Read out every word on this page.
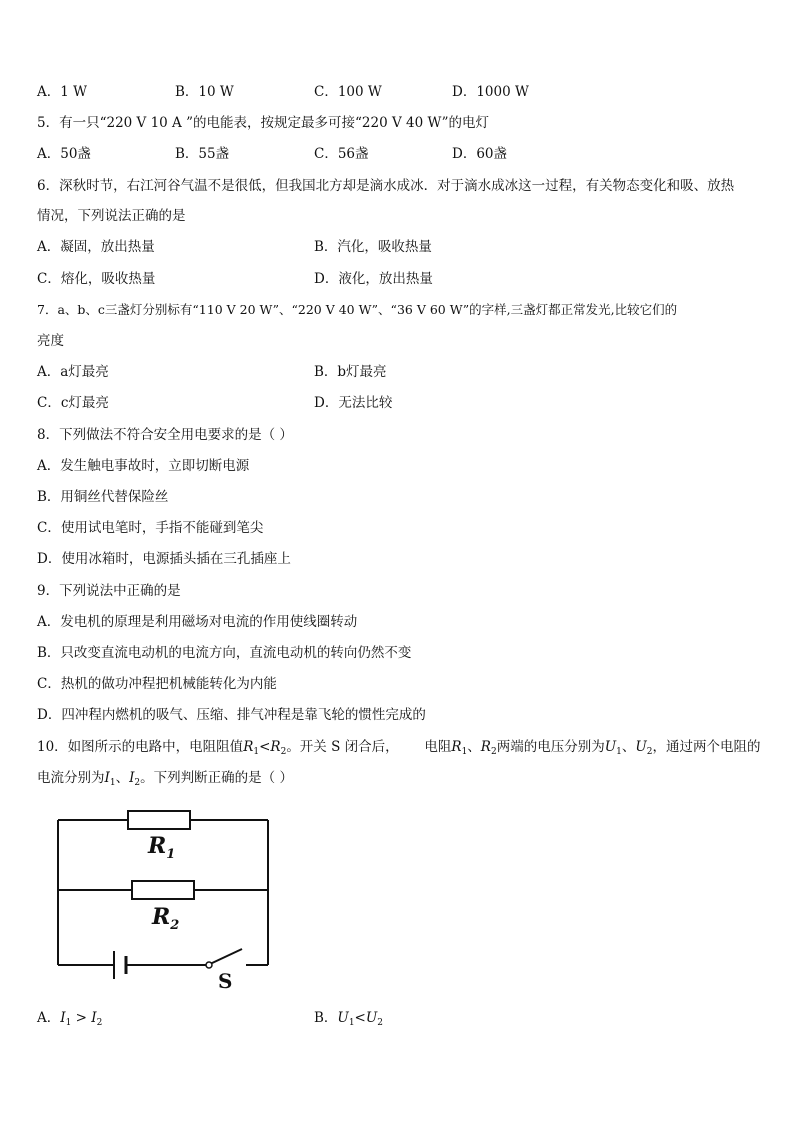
A．1 W	B．10 W	C．100 W	D．1000 W
5．有一只“220 V 10 A ”的电能表，按规定最多可接“220 V 40 W”的电灯
A．50盏	B．55盏	C．56盏	D．60盏
6．深秋时节，右江河谷气温不是很低，但我国北方却是滴水成冰．对于滴水成冰这一过程，有关物态变化和吸、放热
情况，下列说法正确的是
A．凝固，放出热量	B．汽化，吸收热量
C．熔化，吸收热量	D．液化，放出热量
7．a、b、c三盏灯分别标有“110 V 20 W”、“220 V 40 W”、“36 V 60 W”的字样,三盏灯都正常发光,比较它们的
亮度
A．a灯最亮	B．b灯最亮
C．c灯最亮	D．无法比较
8．下列做法不符合安全用电要求的是（ ）
A．发生触电事故时，立即切断电源
B．用铜丝代替保险丝
C．使用试电笔时，手指不能碰到笔尖
D．使用冰箱时，电源插头插在三孔插座上
9．下列说法中正确的是
A．发电机的原理是利用磁场对电流的作用使线圈转动
B．只改变直流电动机的电流方向，直流电动机的转向仍然不变
C．热机的做功冲程把机械能转化为内能
D．四冲程内燃机的吸气、压缩、排气冲程是靠飞轮的惯性完成的
10．如图所示的电路中，电阻阻值$R_1<R_2$。开关 S 闭合后，      电阻$R_1$、$R_2$两端的电压分别为$U_1$、$U_2$，通过两个电阻的
电流分别为$I_1$、$I_2$。下列判断正确的是（ ）
$R_1$
$R_2$
S
A．$I_1 > I_2$	B．$U_1<U_2$
